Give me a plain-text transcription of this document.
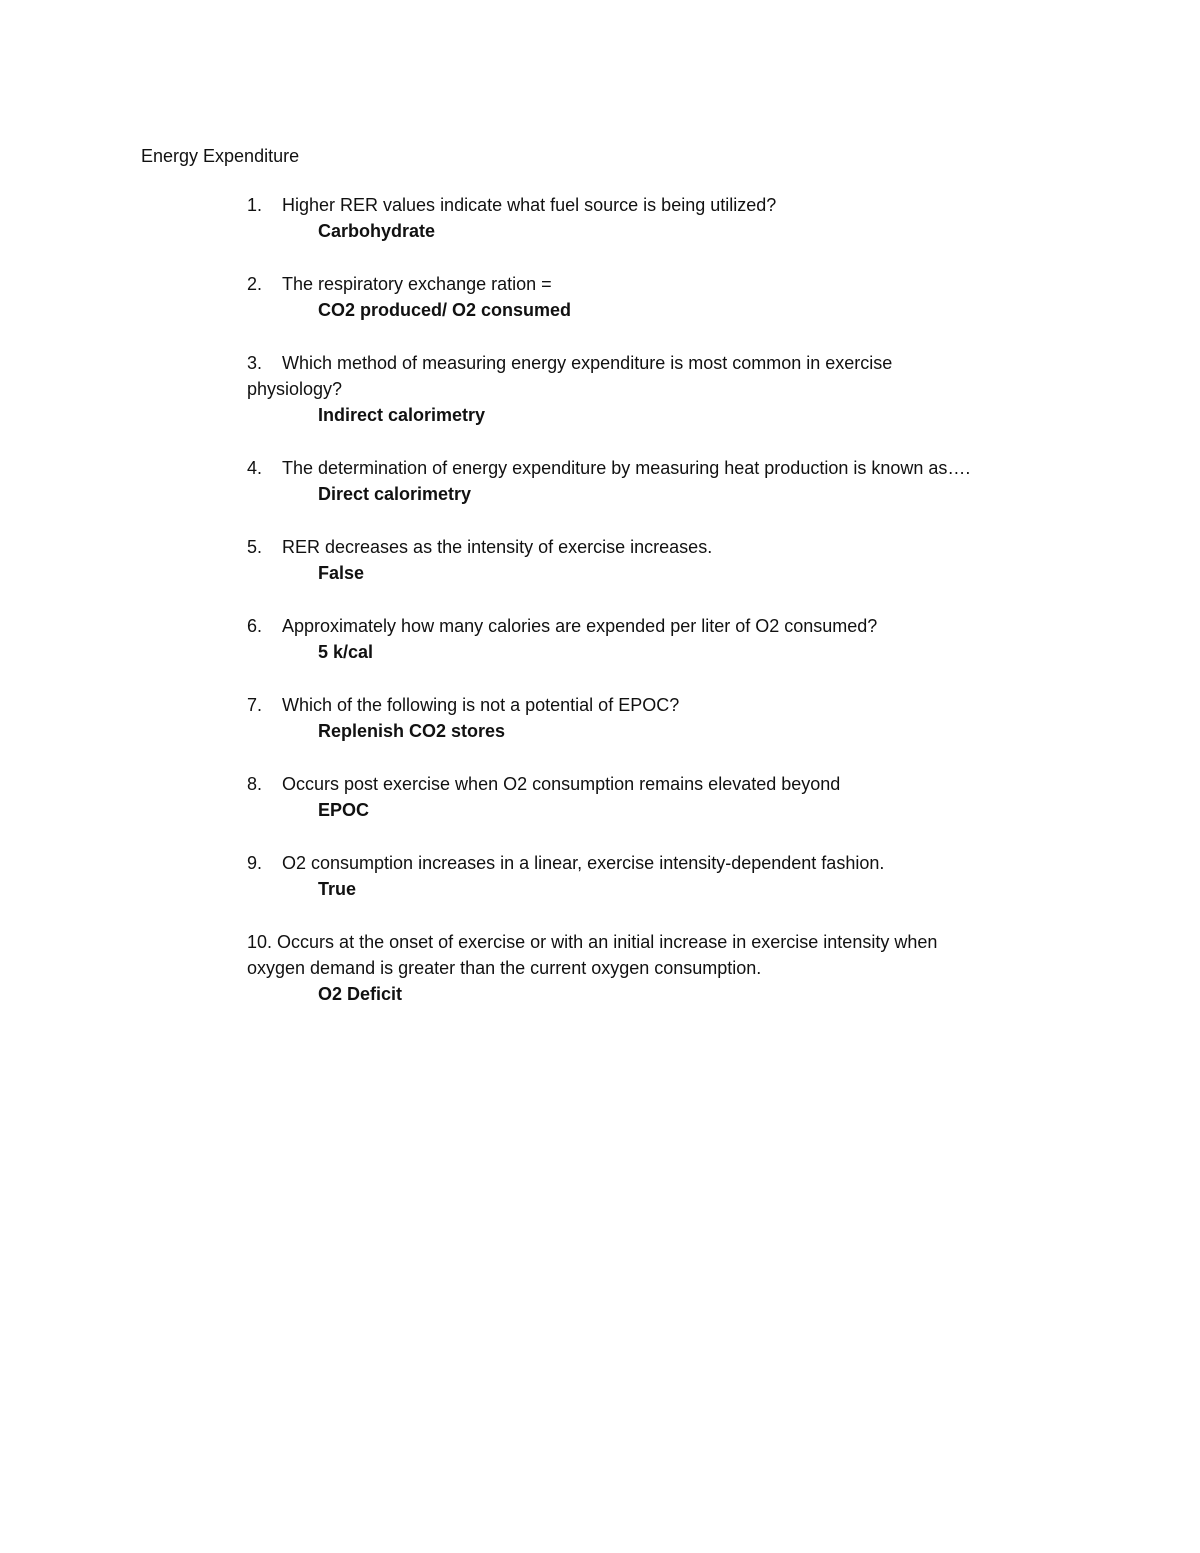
Energy Expenditure
1. Higher RER values indicate what fuel source is being utilized?
Carbohydrate
2. The respiratory exchange ration =
CO2 produced/ O2 consumed
3. Which method of measuring energy expenditure is most common in exercise
physiology?
Indirect calorimetry
4. The determination of energy expenditure by measuring heat production is known as….
Direct calorimetry
5. RER decreases as the intensity of exercise increases.
False
6. Approximately how many calories are expended per liter of O2 consumed?
5 k/cal
7. Which of the following is not a potential of EPOC?
Replenish CO2 stores
8. Occurs post exercise when O2 consumption remains elevated beyond
EPOC
9. O2 consumption increases in a linear, exercise intensity-dependent fashion.
True
10. Occurs at the onset of exercise or with an initial increase in exercise intensity when
oxygen demand is greater than the current oxygen consumption.
O2 Deficit
